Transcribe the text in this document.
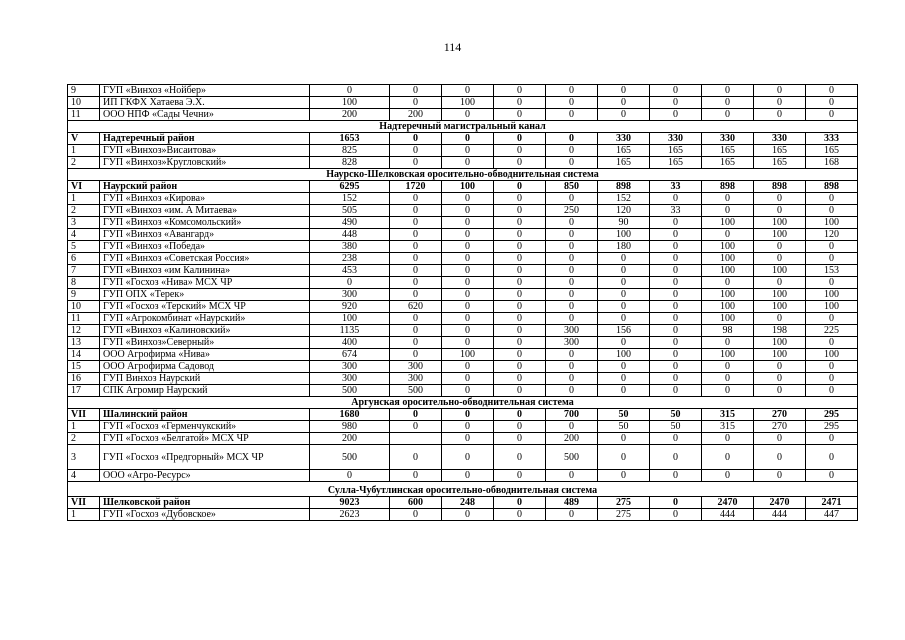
114
9	ГУП «Винхоз «Нойбер»	0	0	0	0	0	0	0	0	0	0
10	ИП ГКФХ Хатаева Э.Х.	100	0	100	0	0	0	0	0	0	0
11	ООО НПФ «Сады Чечни»	200	200	0	0	0	0	0	0	0	0
Надтеречный магистральный канал											
V	Надтеречный район	1653	0	0	0	0	330	330	330	330	333
1	ГУП «Винхоз»Висаитова»	825	0	0	0	0	165	165	165	165	165
2	ГУП «Винхоз»Кругловский»	828	0	0	0	0	165	165	165	165	168
Наурско-Шелковская оросительно-обводнительная система											
VI	Наурский район	6295	1720	100	0	850	898	33	898	898	898
1	ГУП «Винхоз «Кирова»	152	0	0	0	0	152	0	0	0	0
2	ГУП «Винхоз «им. А Митаева»	505	0	0	0	250	120	33	0	0	0
3	ГУП «Винхоз «Комсомольский»	490	0	0	0	0	90	0	100	100	100
4	ГУП «Винхоз «Авангард»	448	0	0	0	0	100	0	0	100	120
5	ГУП «Винхоз «Победа»	380	0	0	0	0	180	0	100	0	0
6	ГУП «Винхоз «Советская Россия»	238	0	0	0	0	0	0	100	0	0
7	ГУП «Винхоз «им Калинина»	453	0	0	0	0	0	0	100	100	153
8	ГУП «Госхоз «Нива» МСХ ЧР	0	0	0	0	0	0	0	0	0	0
9	ГУП ОПХ «Терек»	300	0	0	0	0	0	0	100	100	100
10	ГУП «Госхоз «Терский» МСХ ЧР	920	620	0	0	0	0	0	100	100	100
11	ГУП «Агрокомбинат «Наурский»	100	0	0	0	0	0	0	100	0	0
12	ГУП «Винхоз «Калиновский»	1135	0	0	0	300	156	0	98	198	225
13	ГУП «Винхоз»Северный»	400	0	0	0	300	0	0	0	100	0
14	ООО Агрофирма «Нива»	674	0	100	0	0	100	0	100	100	100
15	ООО Агрофирма Садовод	300	300	0	0	0	0	0	0	0	0
16	ГУП Винхоз Наурский	300	300	0	0	0	0	0	0	0	0
17	СПК Агромир Наурский	500	500	0	0	0	0	0	0	0	0
Аргунская оросительно-обводнительная система											
VII	Шалинский район	1680	0	0	0	700	50	50	315	270	295
1	ГУП «Госхоз «Гермeнчукский»	980	0	0	0	0	50	50	315	270	295
2	ГУП «Госхоз «Белгатой» МСХ ЧР	200		0	0	200	0	0	0	0	0
3	ГУП «Госхоз «Предгорный» МСХ ЧР	500	0	0	0	500	0	0	0	0	0
4	ООО «Агро-Ресурс»	0	0	0	0	0	0	0	0	0	0
Сулла-Чубутлинская оросительно-обводнительная система											
VII	Шелковской район	9023	600	248	0	489	275	0	2470	2470	2471
1	ГУП «Госхоз «Дубовское»	2623	0	0	0	0	275	0	444	444	447
